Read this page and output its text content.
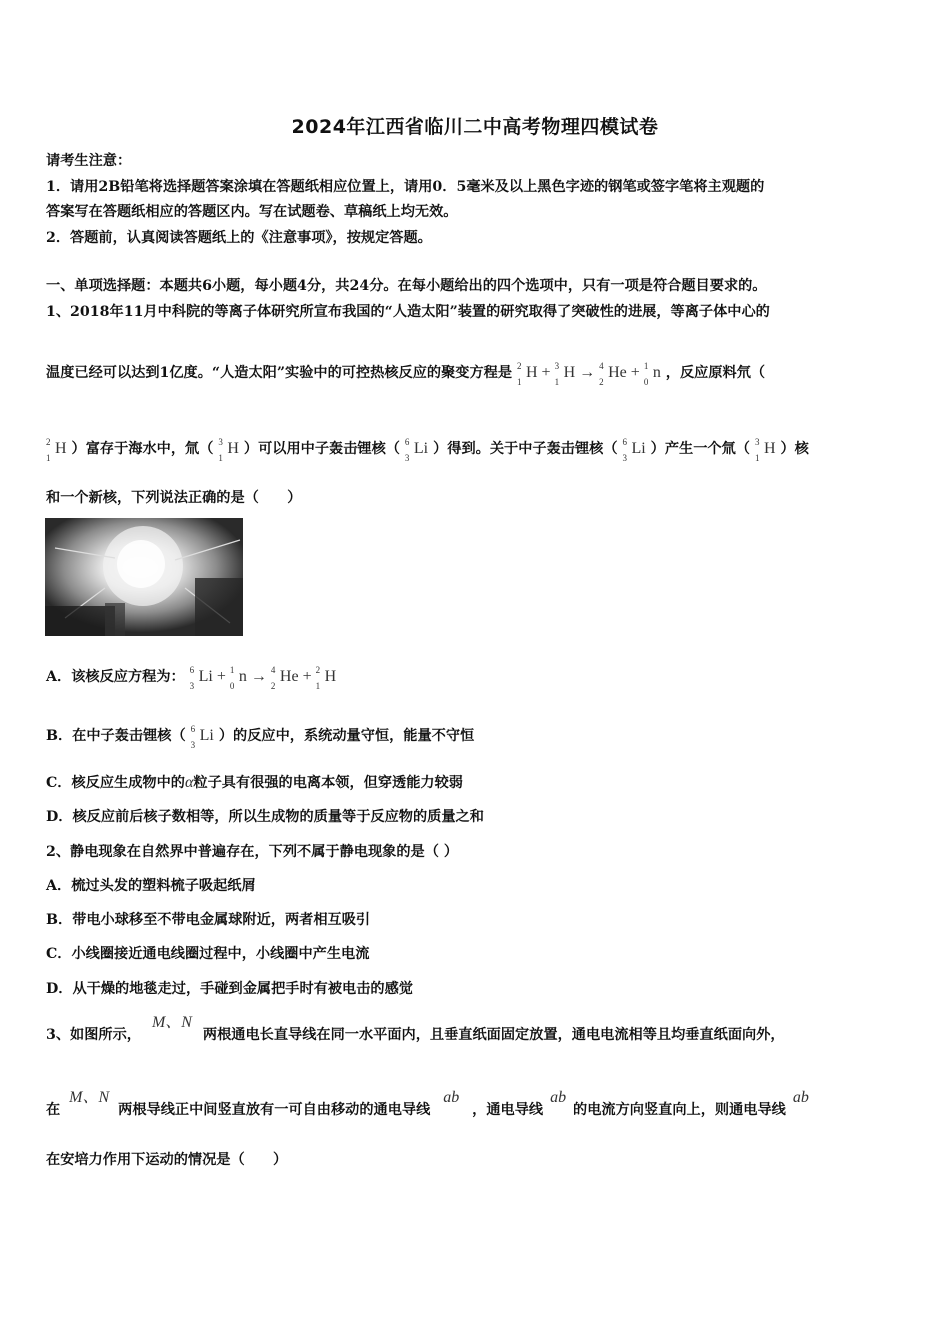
2024年江西省临川二中高考物理四模试卷
请考生注意：
1．请用2B铅笔将选择题答案涂填在答题纸相应位置上，请用0．5毫米及以上黑色字迹的钢笔或签字笔将主观题的
答案写在答题纸相应的答题区内。写在试题卷、草稿纸上均无效。
2．答题前，认真阅读答题纸上的《注意事项》，按规定答题。
一、单项选择题：本题共6小题，每小题4分，共24分。在每小题给出的四个选项中，只有一项是符合题目要求的。
1、2018年11月中科院的等离子体研究所宣布我国的“人造太阳”装置的研究取得了突破性的进展，等离子体中心的
温度已经可以达到1亿度。“人造太阳”实验中的可控热核反应的聚变方程是 2
1
H + 3
1
H → 4
2
He + 1
0
n ，反应原料氘（
2
1
H ）富存于海水中，氚（ 3
1
H ）可以用中子轰击锂核（ 6
3
Li ）得到。关于中子轰击锂核（ 6
3
Li ）产生一个氚（ 3
1
H ）核
和一个新核，下列说法正确的是（　　）
A．该核反应方程为： 6
3
Li + 1
0
n → 4
2
He + 2
1
H
B．在中子轰击锂核（ 6
3
Li ）的反应中，系统动量守恒，能量不守恒
C．核反应生成物中的α粒子具有很强的电离本领，但穿透能力较弱
D．核反应前后核子数相等，所以生成物的质量等于反应物的质量之和
2、静电现象在自然界中普遍存在，下列不属于静电现象的是（ ）
A．梳过头发的塑料梳子吸起纸屑
B．带电小球移至不带电金属球附近，两者相互吸引
C．小线圈接近通电线圈过程中，小线圈中产生电流
D．从干燥的地毯走过，手碰到金属把手时有被电击的感觉
3、如图所示， M、N 两根通电长直导线在同一水平面内，且垂直纸面固定放置，通电电流相等且均垂直纸面向外，
在 M、N 两根导线正中间竖直放有一可自由移动的通电导线 ab ，通电导线 ab 的电流方向竖直向上，则通电导线 ab
在安培力作用下运动的情况是（　　）
